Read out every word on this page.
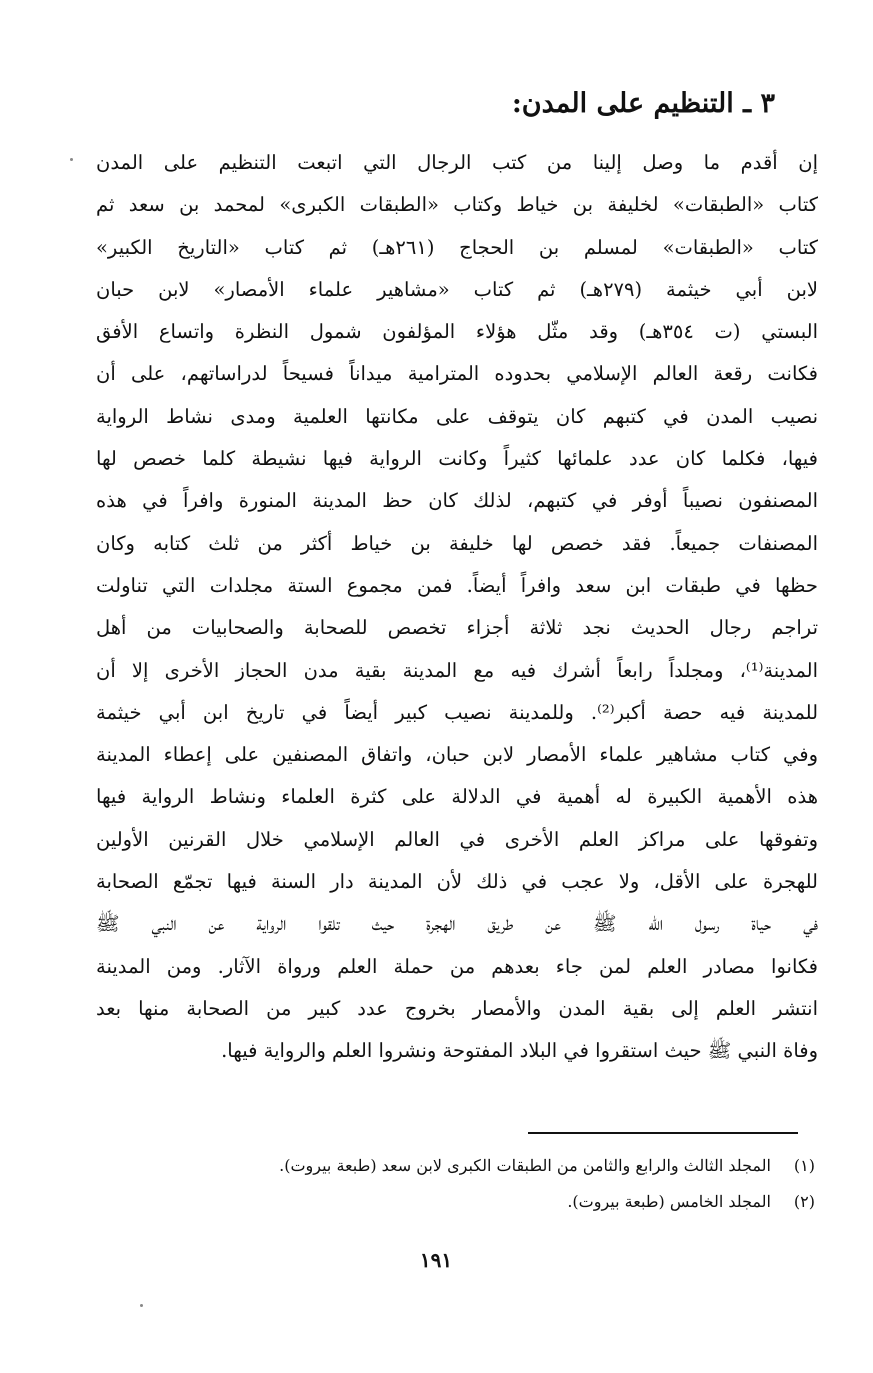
٣ ـ التنظيم على المدن:
إن أقدم ما وصل إلينا من كتب الرجال التي اتبعت التنظيم على المدن
كتاب «الطبقات» لخليفة بن خياط وكتاب «الطبقات الكبرى» لمحمد بن سعد ثم
كتاب «الطبقات» لمسلم بن الحجاج (٢٦١هـ) ثم كتاب «التاريخ الكبير»
لابن أبي خيثمة (٢٧٩هـ) ثم كتاب «مشاهير علماء الأمصار» لابن حبان
البستي (ت ٣٥٤هـ) وقد مثّل هؤلاء المؤلفون شمول النظرة واتساع الأفق
فكانت رقعة العالم الإسلامي بحدوده المترامية ميداناً فسيحاً لدراساتهم، على أن
نصيب المدن في كتبهم كان يتوقف على مكانتها العلمية ومدى نشاط الرواية
فيها، فكلما كان عدد علمائها كثيراً وكانت الرواية فيها نشيطة كلما خصص لها
المصنفون نصيباً أوفر في كتبهم، لذلك كان حظ المدينة المنورة وافراً في هذه
المصنفات جميعاً. فقد خصص لها خليفة بن خياط أكثر من ثلث كتابه وكان
حظها في طبقات ابن سعد وافراً أيضاً. فمن مجموع الستة مجلدات التي تناولت
تراجم رجال الحديث نجد ثلاثة أجزاء تخصص للصحابة والصحابيات من أهل
المدينة⁽¹⁾، ومجلداً رابعاً أشرك فيه مع المدينة بقية مدن الحجاز الأخرى إلا أن
للمدينة فيه حصة أكبر⁽²⁾. وللمدينة نصيب كبير أيضاً في تاريخ ابن أبي خيثمة
وفي كتاب مشاهير علماء الأمصار لابن حبان، واتفاق المصنفين على إعطاء المدينة
هذه الأهمية الكبيرة له أهمية في الدلالة على كثرة العلماء ونشاط الرواية فيها
وتفوقها على مراكز العلم الأخرى في العالم الإسلامي خلال القرنين الأولين
للهجرة على الأقل، ولا عجب في ذلك لأن المدينة دار السنة فيها تجمّع الصحابة
في حياة رسول الله ﷺ عن طريق الهجرة حيث تلقوا الرواية عن النبي ﷺ
فكانوا مصادر العلم لمن جاء بعدهم من حملة العلم ورواة الآثار. ومن المدينة
انتشر العلم إلى بقية المدن والأمصار بخروج عدد كبير من الصحابة منها بعد
وفاة النبي ﷺ حيث استقروا في البلاد المفتوحة ونشروا العلم والرواية فيها.
(١)المجلد الثالث والرابع والثامن من الطبقات الكبرى لابن سعد (طبعة بيروت).
(٢)المجلد الخامس (طبعة بيروت).
١٩١
